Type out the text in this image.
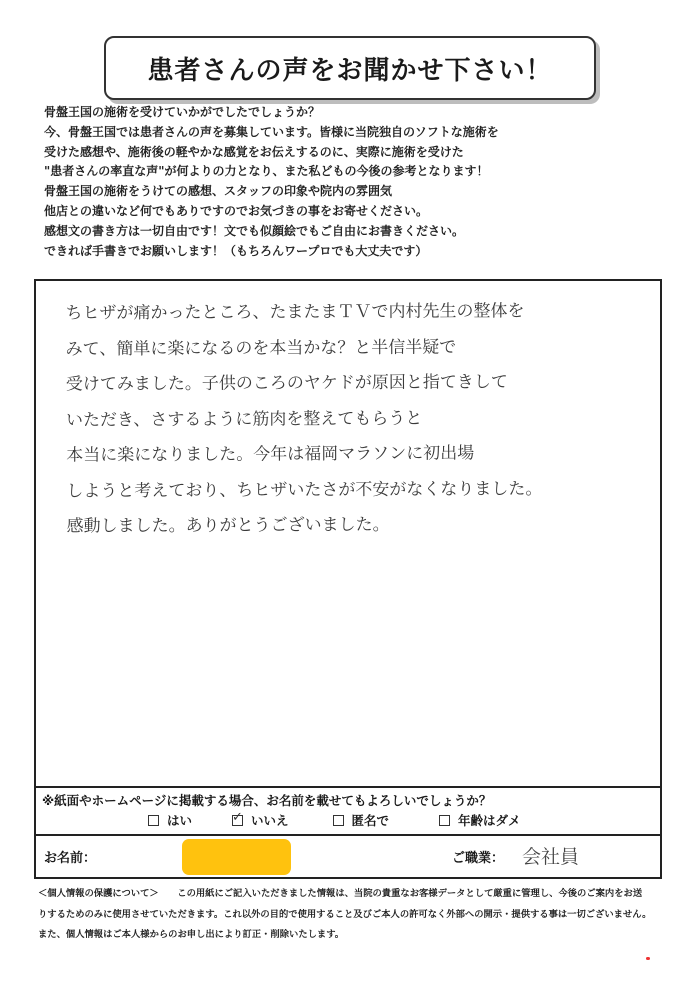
患者さんの声をお聞かせ下さい！
骨盤王国の施術を受けていかがでしたでしょうか？
今、骨盤王国では患者さんの声を募集しています。皆様に当院独自のソフトな施術を
受けた感想や、施術後の軽やかな感覚をお伝えするのに、実際に施術を受けた
"患者さんの率直な声"が何よりの力となり、また私どもの今後の参考となります！
骨盤王国の施術をうけての感想、スタッフの印象や院内の雰囲気
他店との違いなど何でもありですのでお気づきの事をお寄せください。
感想文の書き方は一切自由です！文でも似顔絵でもご自由にお書きください。
できれば手書きでお願いします！（もちろんワープロでも大丈夫です）
ちヒザが痛かったところ、たまたまＴＶで内村先生の整体を
みて、簡単に楽になるのを本当かな？と半信半疑で
受けてみました。子供のころのヤケドが原因と指てきして
いただき、さするように筋肉を整えてもらうと
本当に楽になりました。今年は福岡マラソンに初出場
しようと考えており、ちヒザいたさが不安がなくなりました。
感動しました。ありがとうございました。
※紙面やホームページに掲載する場合、お名前を載せてもよろしいでしょうか？
はい
✓	いいえ	匿名で	年齢はダメ
お名前：	ご職業： 会社員
＜個人情報の保護について＞　　この用紙にご記入いただきました情報は、当院の貴重なお客様データとして厳重に管理し、今後のご案内をお送
りするためのみに使用させていただきます。これ以外の目的で使用すること及びご本人の許可なく外部への開示・提供する事は一切ございません。
また、個人情報はご本人様からのお申し出により訂正・削除いたします。
